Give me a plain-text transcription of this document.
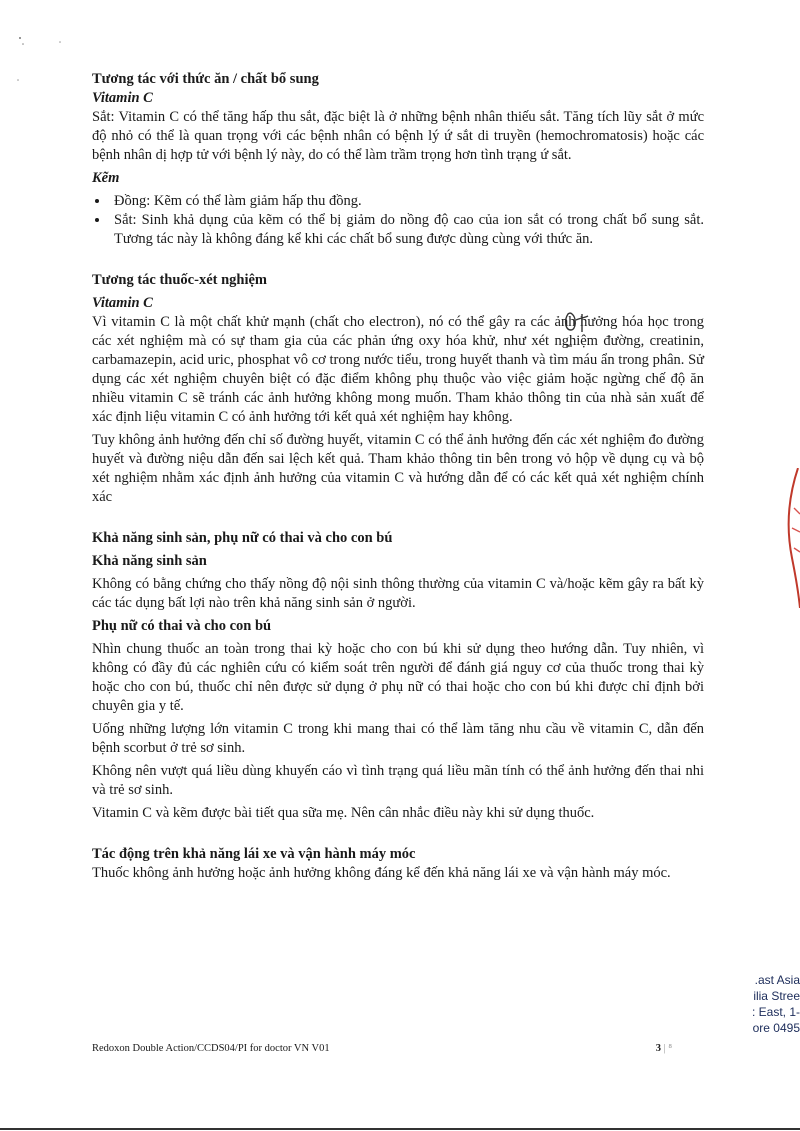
Tương tác với thức ăn / chất bổ sung
Vitamin C

Sắt: Vitamin C có thể tăng hấp thu sắt, đặc biệt là ở những bệnh nhân thiếu sắt. Tăng tích lũy sắt ở mức độ nhỏ có thể là quan trọng với các bệnh nhân có bệnh lý ứ sắt di truyền (hemochromatosis) hoặc các bệnh nhân dị hợp tử với bệnh lý này, do có thể làm trầm trọng hơn tình trạng ứ sắt.

Kẽm
• Đồng: Kẽm có thể làm giảm hấp thu đồng.
• Sắt: Sinh khả dụng của kẽm có thể bị giảm do nồng độ cao của ion sắt có trong chất bổ sung sắt. Tương tác này là không đáng kể khi các chất bổ sung được dùng cùng với thức ăn.
Tương tác thuốc-xét nghiệm
Vitamin C

Vì vitamin C là một chất khử mạnh (chất cho electron), nó có thể gây ra các ảnh hưởng hóa học trong các xét nghiệm mà có sự tham gia của các phản ứng oxy hóa khử, như xét nghiệm đường, creatinin, carbamazepin, acid uric, phosphat vô cơ trong nước tiểu, trong huyết thanh và tìm máu ẩn trong phân. Sử dụng các xét nghiệm chuyên biệt có đặc điểm không phụ thuộc vào việc giảm hoặc ngừng chế độ ăn nhiều vitamin C sẽ tránh các ảnh hưởng không mong muốn. Tham khảo thông tin của nhà sản xuất để xác định liệu vitamin C có ảnh hưởng tới kết quả xét nghiệm hay không.

Tuy không ảnh hưởng đến chỉ số đường huyết, vitamin C có thể ảnh hưởng đến các xét nghiệm đo đường huyết và đường niệu dẫn đến sai lệch kết quả. Tham khảo thông tin bên trong vỏ hộp về dụng cụ và bộ xét nghiệm nhằm xác định ảnh hưởng của vitamin C và hướng dẫn để có các kết quả xét nghiệm chính xác

Khả năng sinh sản, phụ nữ có thai và cho con bú
Khả năng sinh sản

Không có bằng chứng cho thấy nồng độ nội sinh thông thường của vitamin C và/hoặc kẽm gây ra bất kỳ các tác dụng bất lợi nào trên khả năng sinh sản ở người.

Phụ nữ có thai và cho con bú

Nhìn chung thuốc an toàn trong thai kỳ hoặc cho con bú khi sử dụng theo hướng dẫn. Tuy nhiên, vì không có đầy đủ các nghiên cứu có kiểm soát trên người để đánh giá nguy cơ của thuốc trong thai kỳ hoặc cho con bú, thuốc chỉ nên được sử dụng ở phụ nữ có thai hoặc cho con bú khi được chỉ định bởi chuyên gia y tế.

Uống những lượng lớn vitamin C trong khi mang thai có thể làm tăng nhu cầu về vitamin C, dẫn đến bệnh scorbut ở trẻ sơ sinh.

Không nên vượt quá liều dùng khuyến cáo vì tình trạng quá liều mãn tính có thể ảnh hưởng đến thai nhi và trẻ sơ sinh.

Vitamin C và kẽm được bài tiết qua sữa mẹ. Nên cân nhắc điều này khi sử dụng thuốc.

Tác động trên khả năng lái xe và vận hành máy móc

Thuốc không ảnh hưởng hoặc ảnh hưởng không đáng kể đến khả năng lái xe và vận hành máy móc.

.ast Asia
ilia Stree
: East, 1-
ore 0495
Redoxon Double Action/CCDS04/PI for doctor VN V01	3 | ⁸
